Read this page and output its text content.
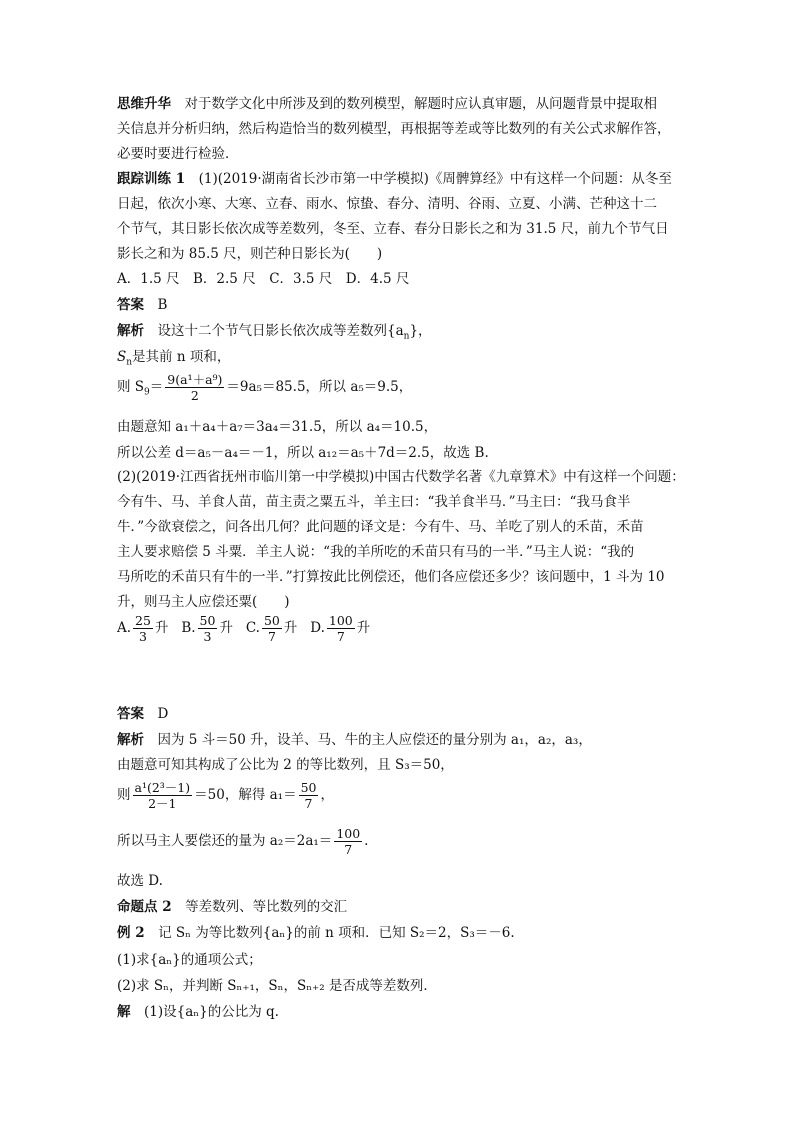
思维升华　对于数学文化中所涉及到的数列模型，解题时应认真审题，从问题背景中提取相
关信息并分析归纳，然后构造恰当的数列模型，再根据等差或等比数列的有关公式求解作答，
必要时要进行检验．
跟踪训练 1　(1)(2019·湖南省长沙市第一中学模拟)《周髀算经》中有这样一个问题：从冬至
日起，依次小寒、大寒、立春、雨水、惊蛰、春分、清明、谷雨、立夏、小满、芒种这十二
个节气，其日影长依次成等差数列，冬至、立春、春分日影长之和为 31.5 尺，前九个节气日
影长之和为 85.5 尺，则芒种日影长为(　　)
A．1.5 尺　B．2.5 尺　C．3.5 尺　D．4.5 尺
答案　B
解析　设这十二个节气日影长依次成等差数列$\{a_n\}$，
$S_n$是其前 n 项和，
则 $S_9= \frac{\text{9(a¹＋a⁹)}}{2} =9a_5=85.5$，所以 a₅＝9.5，
由题意知 a₁＋a₄＋a₇＝3a₄＝31.5，所以 a₄＝10.5，
所以公差 d＝a₅－a₄＝－1，所以 a₁₂＝a₅＋7d＝2.5，故选 B.
(2)(2019·江西省抚州市临川第一中学模拟)中国古代数学名著《九章算术》中有这样一个问题：
今有牛、马、羊食人苗，苗主责之粟五斗，羊主曰：“我羊食半马．”马主曰：“我马食半
牛．”今欲衰偿之，问各出几何？此问题的译文是：今有牛、马、羊吃了别人的禾苗，禾苗
主人要求赔偿 5 斗粟．羊主人说：“我的羊所吃的禾苗只有马的一半．”马主人说：“我的
马所吃的禾苗只有牛的一半．”打算按此比例偿还，他们各应偿还多少？该问题中，1 斗为 10
升，则马主人应偿还粟(　　)
A. $\frac{25}{3}$ 升 B. $\frac{50}{3}$ 升 C. $\frac{50}{7}$ 升 D. $\frac{100}{7}$ 升
答案　D
解析　因为 5 斗＝50 升，设羊、马、牛的主人应偿还的量分别为 a₁，a₂，a₃，
由题意可知其构成了公比为 2 的等比数列，且 S₃＝50，
则 $\frac{\text{a¹(2³－1)}}{2-1} =50$，解得 $a_1= \frac{50}{7}$ ，
所以马主人要偿还的量为 $a_2=2a_1= \frac{100}{7}$ .
故选 D.
命题点 2　等差数列、等比数列的交汇
例 2　记 Sₙ 为等比数列{aₙ}的前 n 项和．已知 S₂＝2，S₃＝－6.
(1)求{aₙ}的通项公式；
(2)求 Sₙ，并判断 Sₙ₊₁，Sₙ，Sₙ₊₂ 是否成等差数列．
解　(1)设{aₙ}的公比为 q.
